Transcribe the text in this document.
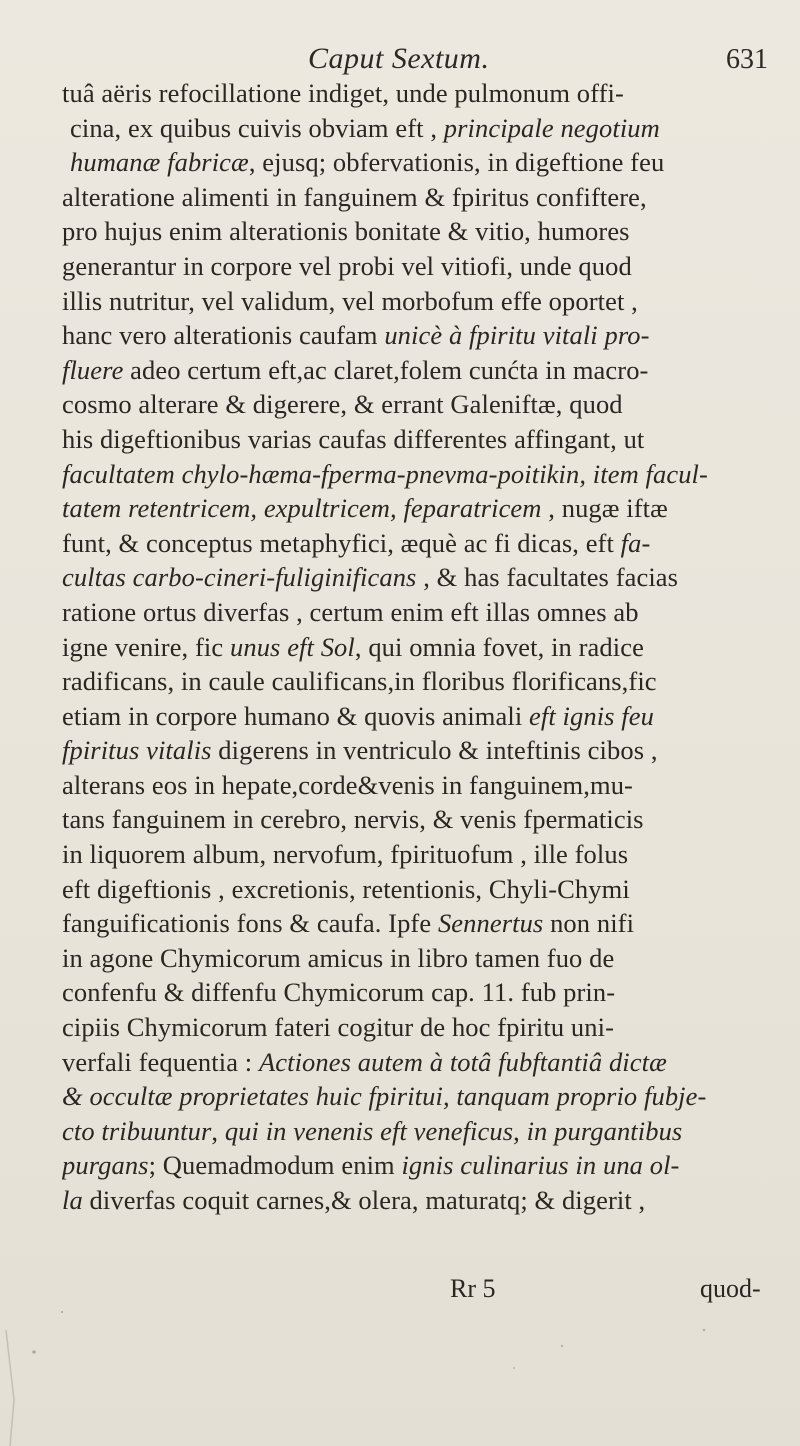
Caput Sextum.	631
tuâ aëris refocillatione indiget, unde pulmonum offi-
cina, ex quibus cuivis obviam eft , principale negotium
humanæ fabricæ, ejusq; obfervationis, in digeftione feu
alteratione alimenti in fanguinem & fpiritus confiftere,
pro hujus enim alterationis bonitate & vitio, humores
generantur in corpore vel probi vel vitiofi, unde quod
illis nutritur, vel validum, vel morbofum effe oportet ,
hanc vero alterationis caufam unicè à fpiritu vitali pro-
fluere adeo certum eft,ac claret,folem cunćta in macro-
cosmo alterare & digerere, & errant Galeniftæ, quod
his digeftionibus varias caufas differentes affingant, ut
facultatem chylo-hæma-fperma-pnevma-poitikin, item facul-
tatem retentricem, expultricem, feparatricem , nugæ iftæ
funt, & conceptus metaphyfici, æquè ac fi dicas, eft fa-
cultas carbo-cineri-fuliginificans , & has facultates facias
ratione ortus diverfas , certum enim eft illas omnes ab
igne venire, fic unus eft Sol, qui omnia fovet, in radice
radificans, in caule caulificans,in floribus florificans,fic
etiam in corpore humano & quovis animali eft ignis feu
fpiritus vitalis digerens in ventriculo & inteftinis cibos ,
alterans eos in hepate,corde&venis in fanguinem,mu-
tans fanguinem in cerebro, nervis, & venis fpermaticis
in liquorem album, nervofum, fpirituofum , ille folus
eft digeftionis , excretionis, retentionis, Chyli-Chymi
fanguificationis fons & caufa. Ipfe Sennertus non nifi
in agone Chymicorum amicus in libro tamen fuo de
confenfu & diffenfu Chymicorum cap. 11. fub prin-
cipiis Chymicorum fateri cogitur de hoc fpiritu uni-
verfali fequentia : Actiones autem à totâ fubftantiâ dictæ
& occultæ proprietates huic fpiritui, tanquam proprio fubje-
cto tribuuntur, qui in venenis eft veneficus, in purgantibus
purgans; Quemadmodum enim ignis culinarius in una ol-
la diverfas coquit carnes,& olera, maturatq; & digerit ,
Rr 5	quod-
